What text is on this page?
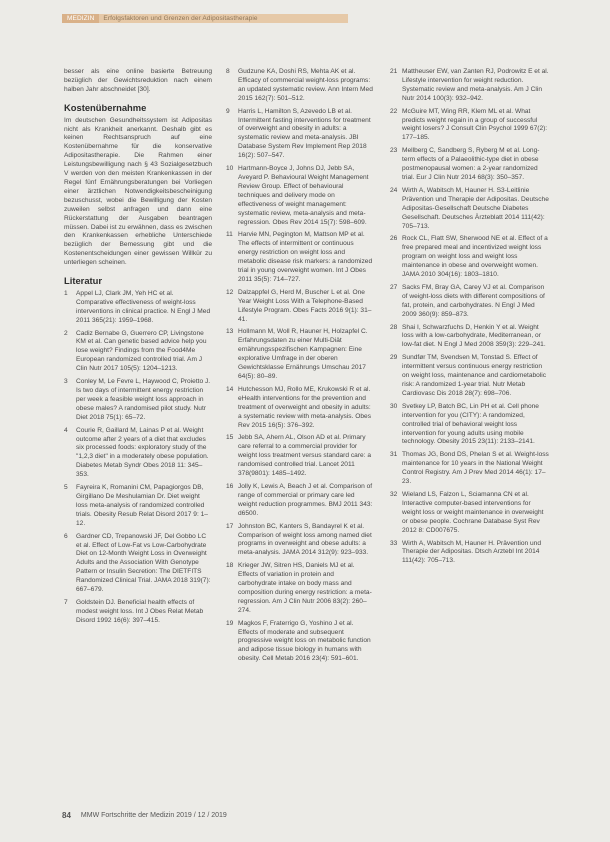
MEDIZIN	Erfolgsfaktoren und Grenzen der Adipositastherapie

besser als eine online basierte Betreuung bezüglich der Gewichtsreduktion nach einem halben Jahr abschneidet [30].

Kostenübernahme

Im deutschen Gesundheitssystem ist Adipositas nicht als Krankheit anerkannt. Deshalb gibt es keinen Rechtsanspruch auf eine Kostenübernahme für die konservative Adipositastherapie. Die Rahmen einer Leistungsbewilligung nach § 43 Sozialgesetzbuch V werden von den meisten Krankenkassen in der Regel fünf Ernährungsberatungen bei Vorliegen einer ärztlichen Notwendigkeitsbescheinigung bezuschusst, wobei die Bewilligung der Kosten zuweilen selbst anfragen und dann eine Rückerstattung der Ausgaben beantragen müssen. Dabei ist zu erwähnen, dass es zwischen den Krankenkassen erhebliche Unterschiede bezüglich der Bemessung gibt und die Kostenentscheidungen einer gewissen Willkür zu unterliegen scheinen.

Literatur
1	Appel LJ, Clark JM, Yeh HC et al. Comparative effectiveness of weight-loss interventions in clinical practice. N Engl J Med 2011 365(21): 1959–1968.
2	Cadiz Bernabe G, Guerrero CP, Livingstone KM et al. Can genetic based advice help you lose weight? Findings from the Food4Me European randomized controlled trial. Am J Clin Nutr 2017 105(5): 1204–1213.
3	Conley M, Le Fevre L, Haywood C, Proietto J. Is two days of intermittent energy restriction per week a feasible weight loss approach in obese males? A randomised pilot study. Nutr Diet 2018 75(1): 65–72.
4	Courie R, Gaillard M, Lainas P et al. Weight outcome after 2 years of a diet that excludes six processed foods: exploratory study of the "1,2,3 diet" in a moderately obese population. Diabetes Metab Syndr Obes 2018 11: 345–353.
5	Fayreira K, Romanini CM, Papagiorgos DB, Girgillano De Meshulamian Dr. Diet weight loss meta-analysis of randomized controlled trials. Obesity Resub Relat Disord 2017 9: 1–12.
6	Gardner CD, Trepanowski JF, Del Gobbo LC et al. Effect of Low-Fat vs Low-Carbohydrate Diet on 12-Month Weight Loss in Overweight Adults and the Association With Genotype Pattern or Insulin Secretion: The DIETFITS Randomized Clinical Trial. JAMA 2018 319(7): 667–679.
7	Goldstein DJ. Beneficial health effects of modest weight loss. Int J Obes Relat Metab Disord 1992 16(6): 397–415.
8	Gudzune KA, Doshi RS, Mehta AK et al. Efficacy of commercial weight-loss programs: an updated systematic review. Ann Intern Med 2015 162(7): 501–512.
9	Harris L, Hamilton S, Azevedo LB et al. Intermittent fasting interventions for treatment of overweight and obesity in adults: a systematic review and meta-analysis. JBI Database System Rev Implement Rep 2018 16(2): 507–547.
10 Hartmann-Boyce J, Johns DJ, Jebb SA, Aveyard P. Behavioural Weight Management Review Group. Effect of behavioural techniques and delivery mode on effectiveness of weight management: systematic review, meta-analysis and meta-regression. Obes Rev 2014 15(7): 598–609.
11 Harvie MN, Pegington M, Mattson MP et al. The effects of intermittent or continuous energy restriction on weight loss and metabolic disease risk markers: a randomized trial in young overweight women. Int J Obes 2011 35(5): 714–727.
12 Dalzappfel G, Herd M, Buscher L et al. One Year Weight Loss With a Telephone-Based Lifestyle Program. Obes Facts 2016 9(1): 31–41.
13 Hollmann M, Woll R, Hauner H, Holzapfel C. Erfahrungsdaten zu einer Multi-Diät ernährungsspezifischen Kampagnen: Eine explorative Umfrage in der oberen Gewichtsklasse Ernährungs Umschau 2017 64(5): 80–89.
14 Hutchesson MJ, Rollo ME, Krukowski R et al. eHealth interventions for the prevention and treatment of overweight and obesity in adults: a systematic review with meta-analysis. Obes Rev 2015 16(5): 376–392.
15 Jebb SA, Ahern AL, Olson AD et al. Primary care referral to a commercial provider for weight loss treatment versus standard care: a randomised controlled trial. Lancet 2011 378(9801): 1485–1492.
16 Jolly K, Lewis A, Beach J et al. Comparison of range of commercial or primary care led weight reduction programmes. BMJ 2011 343: d6500.
17 Johnston BC, Kanters S, Bandayrel K et al. Comparison of weight loss among named diet programs in overweight and obese adults: a meta-analysis. JAMA 2014 312(9): 923–933.
18 Krieger JW, Sitren HS, Daniels MJ et al. Effects of variation in protein and carbohydrate intake on body mass and composition during energy restriction: a meta-regression. Am J Clin Nutr 2006 83(2): 260–274.
19 Magkos F, Fraterrigo G, Yoshino J et al. Effects of moderate and subsequent progressive weight loss on metabolic function and adipose tissue biology in humans with obesity. Cell Metab 2016 23(4): 591–601.
21 Mattheuser EW, van Zanten RJ, Podrowitz E et al. Lifestyle intervention for weight reduction. Systematic review and meta-analysis. Am J Clin Nutr 2014 100(3): 932–942.
22 McGuire MT, Wing RR, Klem ML et al. What predicts weight regain in a group of successful weight losers? J Consult Clin Psychol 1999 67(2): 177–185.
23 Mellberg C, Sandberg S, Ryberg M et al. Long-term effects of a Palaeolithic-type diet in obese postmenopausal women: a 2-year randomized trial. Eur J Clin Nutr 2014 68(3): 350–357.
24 Wirth A, Wabitsch M, Hauner H. S3-Leitlinie Prävention und Therapie der Adipositas. Deutsche Adipositas-Gesellschaft Deutsche Diabetes Gesellschaft. Deutsches Ärzteblatt 2014 111(42): 705–713.
26 Rock CL, Flatt SW, Sherwood NE et al. Effect of a free prepared meal and incentivized weight loss program on weight loss and weight loss maintenance in obese and overweight women. JAMA 2010 304(16): 1803–1810.
27 Sacks FM, Bray GA, Carey VJ et al. Comparison of weight-loss diets with different compositions of fat, protein, and carbohydrates. N Engl J Med 2009 360(9): 859–873.
28 Shai I, Schwarzfuchs D, Henkin Y et al. Weight loss with a low-carbohydrate, Mediterranean, or low-fat diet. N Engl J Med 2008 359(3): 229–241.
29 Sundfør TM, Svendsen M, Tonstad S. Effect of intermittent versus continuous energy restriction on weight loss, maintenance and cardiometabolic risk: A randomized 1-year trial. Nutr Metab Cardiovasc Dis 2018 28(7): 698–706.
30 Svetkey LP, Batch BC, Lin PH et al. Cell phone intervention for you (CITY): A randomized, controlled trial of behavioral weight loss intervention for young adults using mobile technology. Obesity 2015 23(11): 2133–2141.
31 Thomas JG, Bond DS, Phelan S et al. Weight-loss maintenance for 10 years in the National Weight Control Registry. Am J Prev Med 2014 46(1): 17–23.
32 Wieland LS, Falzon L, Sciamanna CN et al. Interactive computer-based interventions for weight loss or weight maintenance in overweight or obese people. Cochrane Database Syst Rev 2012 8: CD007675.
33 Wirth A, Wabitsch M, Hauner H. Prävention und Therapie der Adipositas. Dtsch Arztebl Int 2014 111(42): 705–713.
84 MMW Fortschritte der Medizin 2019 / 12 / 2019
